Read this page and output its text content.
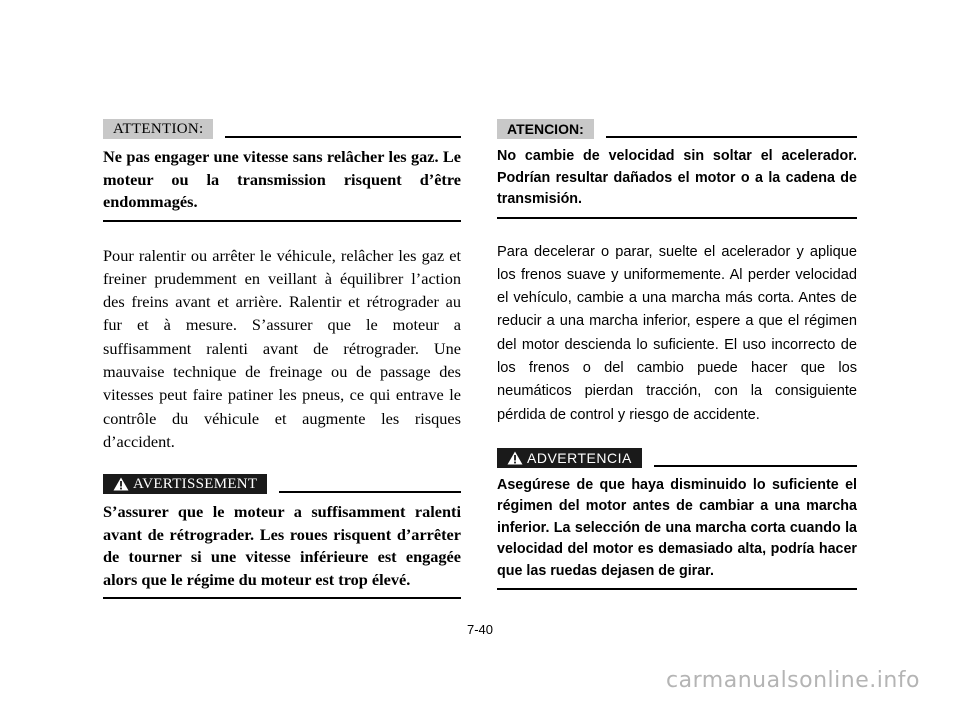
ATTENTION:

Ne pas engager une vitesse sans relâcher les gaz. Le moteur ou la transmission risquent d’être endommagés.

Pour ralentir ou arrêter le véhicule, relâcher les gaz et freiner prudemment en veillant à équilibrer l’action des freins avant et arrière. Ralentir et rétrograder au fur et à mesure. S’assurer que le moteur a suffisamment ralenti avant de rétrograder. Une mauvaise technique de freinage ou de passage des vitesses peut faire patiner les pneus, ce qui entrave le contrôle du véhicule et augmente les risques d’accident.

AVERTISSEMENT

S’assurer que le moteur a suffisamment ralenti avant de rétrograder. Les roues risquent d’arrêter de tourner si une vitesse inférieure est engagée alors que le régime du moteur est trop élevé.

ATENCION:

No cambie de velocidad sin soltar el acelerador. Podrían resultar dañados el motor o a la cadena de transmisión.

Para decelerar o parar, suelte el acelerador y aplique los frenos suave y uniformemente. Al perder velocidad el vehículo, cambie a una marcha más corta. Antes de reducir a una marcha inferior, espere a que el régimen del motor descienda lo suficiente. El uso incorrecto de los frenos o del cambio puede hacer que los neumáticos pierdan tracción, con la consiguiente pérdida de control y riesgo de accidente.

ADVERTENCIA

Asegúrese de que haya disminuido lo suficiente el régimen del motor antes de cambiar a una marcha inferior. La selección de una marcha corta cuando la velocidad del motor es demasiado alta, podría hacer que las ruedas dejasen de girar.

7-40
carmanualsonline.info
